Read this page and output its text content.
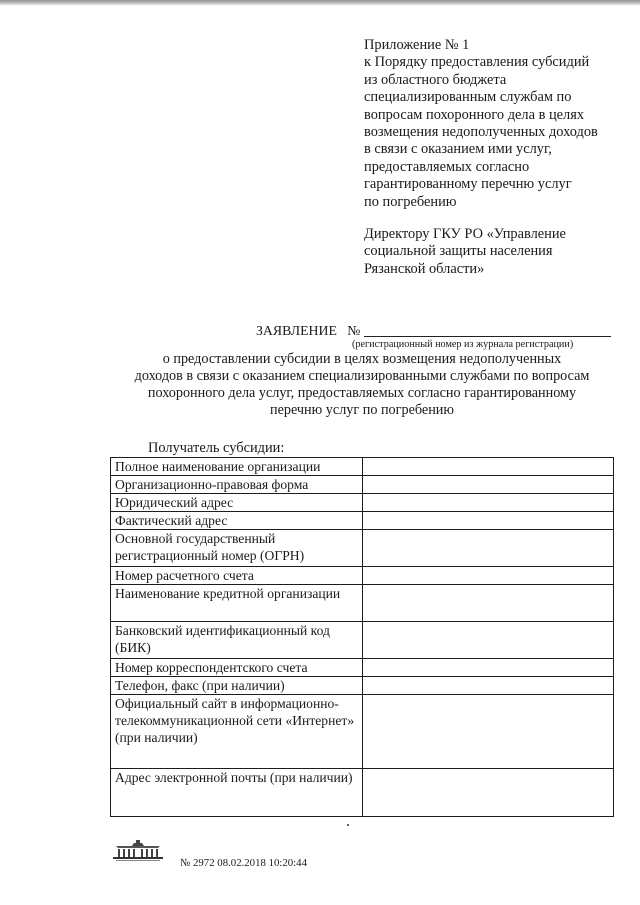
Приложение № 1
к Порядку предоставления субсидий
из областного бюджета
специализированным службам по
вопросам похоронного дела в целях
возмещения недополученных доходов
в связи с оказанием ими услуг,
предоставляемых согласно
гарантированному перечню услуг
по погребению
Директору ГКУ РО «Управление
социальной защиты населения
Рязанской области»
ЗАЯВЛЕНИЕ №
(регистрационный номер из журнала регистрации)
о предоставлении субсидии в целях возмещения недополученных
доходов в связи с оказанием специализированными службами по вопросам
похоронного дела услуг, предоставляемых согласно гарантированному
перечню услуг по погребению
Получатель субсидии:
Полное наименование организации	
Организационно-правовая форма	
Юридический адрес	
Фактический адрес	
Основной государственный регистрационный номер (ОГРН)	
Номер расчетного счета	
Наименование кредитной организации	
Банковский идентификационный код (БИК)	
Номер корреспондентского счета	
Телефон, факс (при наличии)	
Официальный сайт в информационно-телекоммуникационной сети «Интернет» (при наличии)	
Адрес электронной почты (при наличии)	
№ 2972 08.02.2018 10:20:44
